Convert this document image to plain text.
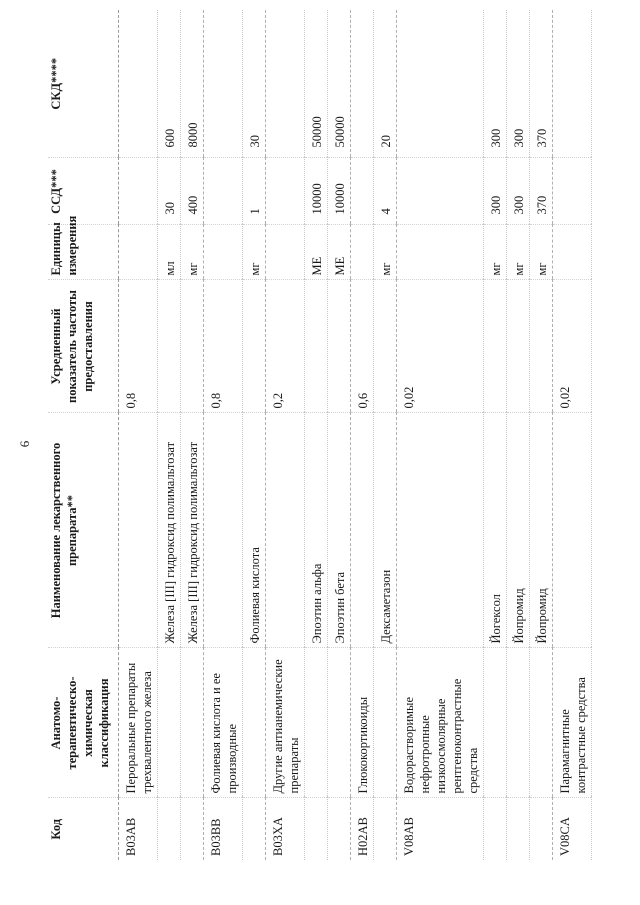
6
Код	Анатомо-терапевтическо-химическая классификация	Наименование лекарственного препарата**	Усредненный показатель частоты предоставления	Единицы измерения	ССД***	СКД****
B03AB	Пероральные препараты трехвалентного железа		0,8			
		Железа [III] гидроксид полимальтозат		мл	30	600
		Железа [III] гидроксид полимальтозат		мг	400	8000
B03BB	Фолиевая кислота и ее производные		0,8			
		Фолиевая кислота		мг	1	30
B03XA	Другие антианемические препараты		0,2			
		Эпоэтин альфа		МЕ	10000	50000
		Эпоэтин бета		МЕ	10000	50000
H02AB	Глюкокортикоиды		0,6			
		Дексаметазон		мг	4	20
V08AB	Водорастворимые нефротропные низкоосмолярные рентгеноконтрастные средства		0,02			
		Йогексол		мг	300	300
		Йопромид		мг	300	300
		Йопромид		мг	370	370
V08CA	Парамагнитные контрастные средства		0,02			
